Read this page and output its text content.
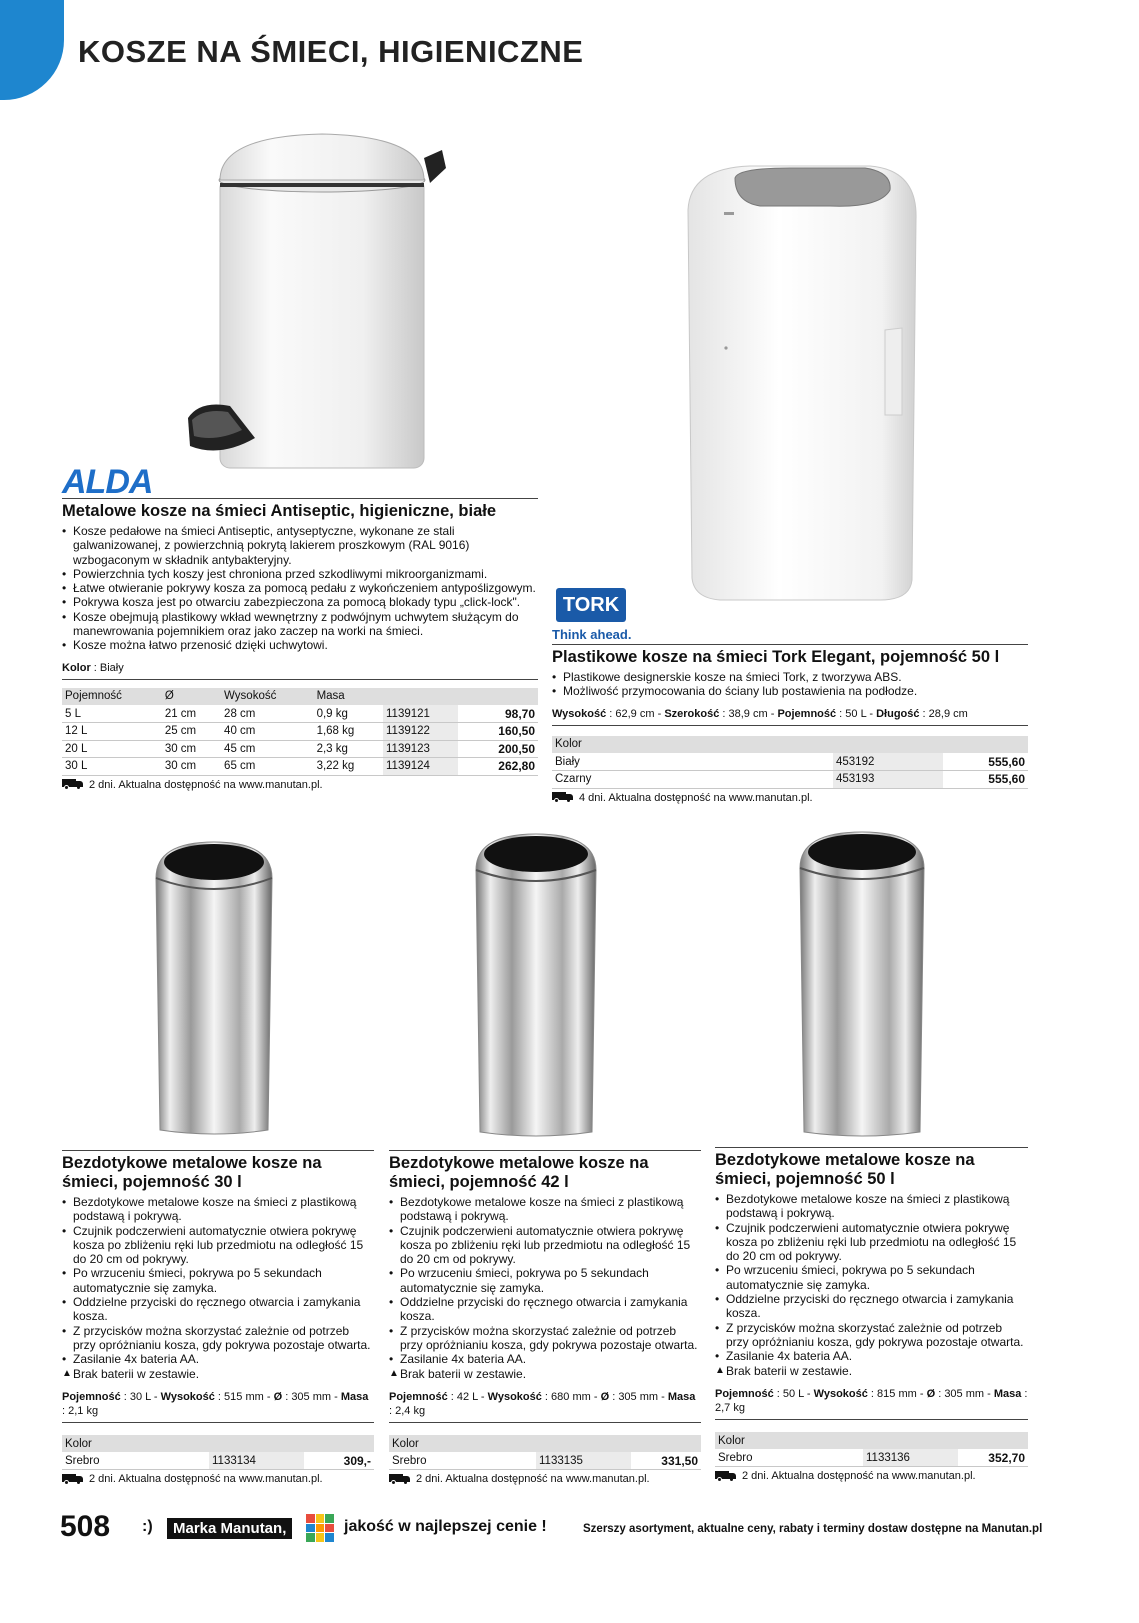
KOSZE NA ŚMIECI, HIGIENICZNE
ALDA
TORK
Think ahead.
Metalowe kosze na śmieci Antiseptic, higieniczne, białe
• Kosze pedałowe na śmieci Antiseptic, antyseptyczne, wykonane ze stali galwanizowanej, z powierzchnią pokrytą lakierem proszkowym (RAL 9016) wzbogaconym w składnik antybakteryjny.
• Powierzchnia tych koszy jest chroniona przed szkodliwymi mikroorganizmami.
• Łatwe otwieranie pokrywy kosza za pomocą pedału z wykończeniem antypoślizgowym.
• Pokrywa kosza jest po otwarciu zabezpieczona za pomocą blokady typu „click-lock".
• Kosze obejmują plastikowy wkład wewnętrzny z podwójnym uchwytem służącym do manewrowania pojemnikiem oraz jako zaczep na worki na śmieci.
• Kosze można łatwo przenosić dzięki uchwytowi.
Kolor : Biały
Pojemność	Ø	Wysokość	Masa		
5 L	21 cm	28 cm	0,9 kg	1139121	98,70
12 L	25 cm	40 cm	1,68 kg	1139122	160,50
20 L	30 cm	45 cm	2,3 kg	1139123	200,50
30 L	30 cm	65 cm	3,22 kg	1139124	262,80
2 dni. Aktualna dostępność na www.manutan.pl.
Plastikowe kosze na śmieci Tork Elegant, pojemność 50 l
• Plastikowe designerskie kosze na śmieci Tork, z tworzywa ABS.
• Możliwość przymocowania do ściany lub postawienia na podłodze.
Wysokość : 62,9 cm - Szerokość : 38,9 cm - Pojemność : 50 L - Długość : 28,9 cm
Kolor		
Biały	453192	555,60
Czarny	453193	555,60
4 dni. Aktualna dostępność na www.manutan.pl.
Bezdotykowe metalowe kosze na śmieci, pojemność 30 l
• Bezdotykowe metalowe kosze na śmieci z plastikową podstawą i pokrywą.
• Czujnik podczerwieni automatycznie otwiera pokrywę kosza po zbliżeniu ręki lub przedmiotu na odległość 15 do 20 cm od pokrywy.
• Po wrzuceniu śmieci, pokrywa po 5 sekundach automatycznie się zamyka.
• Oddzielne przyciski do ręcznego otwarcia i zamykania kosza.
• Z przycisków można skorzystać zależnie od potrzeb przy opróżnianiu kosza, gdy pokrywa pozostaje otwarta.
• Zasilanie 4x bateria AA.
▲ Brak baterii w zestawie.
Pojemność : 30 L - Wysokość : 515 mm - Ø : 305 mm - Masa : 2,1 kg
Kolor		
Srebro	1133134	309,-
2 dni. Aktualna dostępność na www.manutan.pl.
Bezdotykowe metalowe kosze na śmieci, pojemność 42 l
• Bezdotykowe metalowe kosze na śmieci z plastikową podstawą i pokrywą.
• Czujnik podczerwieni automatycznie otwiera pokrywę kosza po zbliżeniu ręki lub przedmiotu na odległość 15 do 20 cm od pokrywy.
• Po wrzuceniu śmieci, pokrywa po 5 sekundach automatycznie się zamyka.
• Oddzielne przyciski do ręcznego otwarcia i zamykania kosza.
• Z przycisków można skorzystać zależnie od potrzeb przy opróżnianiu kosza, gdy pokrywa pozostaje otwarta.
• Zasilanie 4x bateria AA.
▲ Brak baterii w zestawie.
Pojemność : 42 L - Wysokość : 680 mm - Ø : 305 mm - Masa : 2,4 kg
Kolor		
Srebro	1133135	331,50
2 dni. Aktualna dostępność na www.manutan.pl.
Bezdotykowe metalowe kosze na śmieci, pojemność 50 l
• Bezdotykowe metalowe kosze na śmieci z plastikową podstawą i pokrywą.
• Czujnik podczerwieni automatycznie otwiera pokrywę kosza po zbliżeniu ręki lub przedmiotu na odległość 15 do 20 cm od pokrywy.
• Po wrzuceniu śmieci, pokrywa po 5 sekundach automatycznie się zamyka.
• Oddzielne przyciski do ręcznego otwarcia i zamykania kosza.
• Z przycisków można skorzystać zależnie od potrzeb przy opróżnianiu kosza, gdy pokrywa pozostaje otwarta.
• Zasilanie 4x bateria AA.
▲ Brak baterii w zestawie.
Pojemność : 50 L - Wysokość : 815 mm - Ø : 305 mm - Masa : 2,7 kg
Kolor		
Srebro	1133136	352,70
2 dni. Aktualna dostępność na www.manutan.pl.
508 :)	Marka Manutan,	jakość w najlepszej cenie !	Szerszy asortyment, aktualne ceny, rabaty i terminy dostaw dostępne na Manutan.pl
